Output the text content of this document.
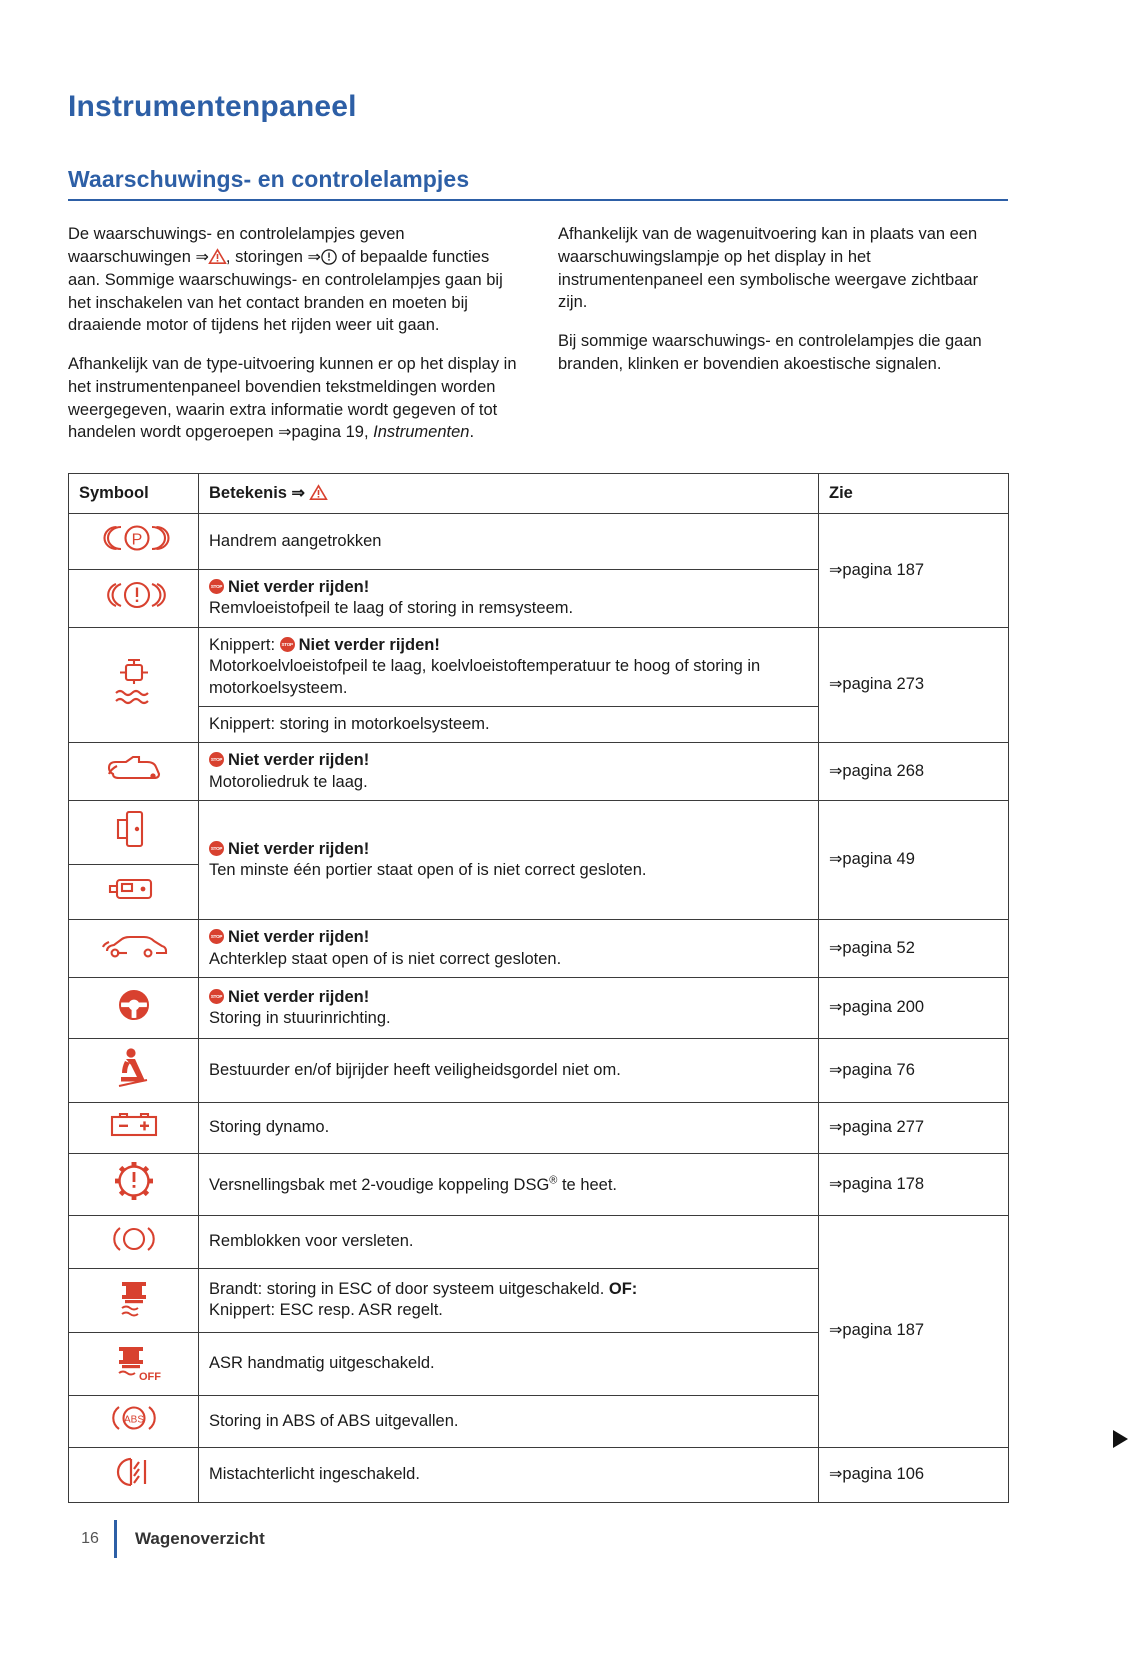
Instrumentenpaneel
Waarschuwings- en controlelampjes

De waarschuwings- en controlelampjes geven waarschuwingen ⇒ , storingen ⇒ of bepaalde functies aan. Sommige waarschuwings- en controlelampjes gaan bij het inschakelen van het contact branden en moeten bij draaiende motor of tijdens het rijden weer uit gaan.

Afhankelijk van de type-uitvoering kunnen er op het display in het instrumentenpaneel bovendien tekstmeldingen worden weergegeven, waarin extra informatie wordt gegeven of tot handelen wordt opgeroepen ⇒pagina 19, Instrumenten.

Afhankelijk van de wagenuitvoering kan in plaats van een waarschuwingslampje op het display in het instrumentenpaneel een symbolische weergave zichtbaar zijn.

Bij sommige waarschuwings- en controlelampjes die gaan branden, klinken er bovendien akoestische signalen.

Symbool	Betekenis ⇒	Zie

P	Handrem aangetrokken	⇒pagina 187

STOPNiet verder rijden!
Remvloeistofpeil te laag of storing in remsysteem.

Knippert: STOPNiet verder rijden!
Motorkoelvloeistofpeil te laag, koelvloeistoftemperatuur te hoog of storing in motorkoelsysteem.	⇒pagina 273
	Knippert: storing in motorkoelsysteem.	

STOPNiet verder rijden!
Motoroliedruk te laag.	⇒pagina 268

STOPNiet verder rijden!
Ten minste één portier staat open of is niet correct gesloten.	⇒pagina 49

STOPNiet verder rijden!
Achterklep staat open of is niet correct gesloten.	⇒pagina 52

STOPNiet verder rijden!
Storing in stuurinrichting.	⇒pagina 200
	Bestuurder en/of bijrijder heeft veiligheidsgordel niet om.	⇒pagina 76
	Storing dynamo.	⇒pagina 277
	Versnellingsbak met 2-voudige koppeling DSG® te heet.	⇒pagina 178
	Remblokken voor versleten.	⇒pagina 187

Brandt: storing in ESC of door systeem uitgeschakeld. OF:
Knippert: ESC resp. ASR regelt.	

OFF	ASR handmatig uitgeschakeld.	

ABS	Storing in ABS of ABS uitgevallen.	
	Mistachterlicht ingeschakeld.	⇒pagina 106
16	Wagenoverzicht
